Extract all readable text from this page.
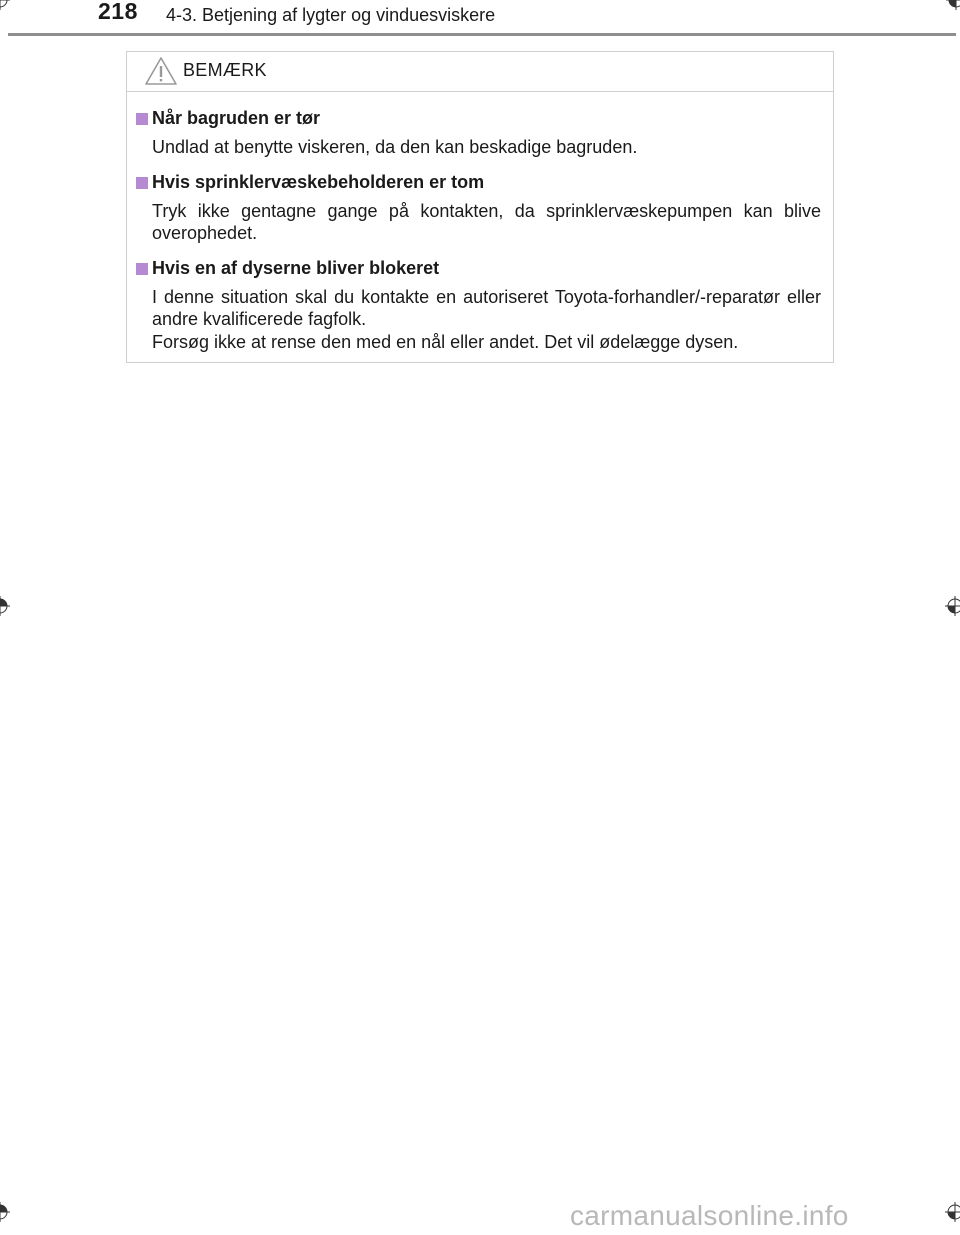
218 4-3. Betjening af lygter og vinduesviskere
BEMÆRK
Når bagruden er tør
Undlad at benytte viskeren, da den kan beskadige bagruden.
Hvis sprinklervæskebeholderen er tom
Tryk ikke gentagne gange på kontakten, da sprinklervæskepumpen kan blive overophedet.
Hvis en af dyserne bliver blokeret
I denne situation skal du kontakte en autoriseret Toyota-forhandler/-reparatør eller andre kvalificerede fagfolk.
Forsøg ikke at rense den med en nål eller andet. Det vil ødelægge dysen.
carmanualsonline.info
